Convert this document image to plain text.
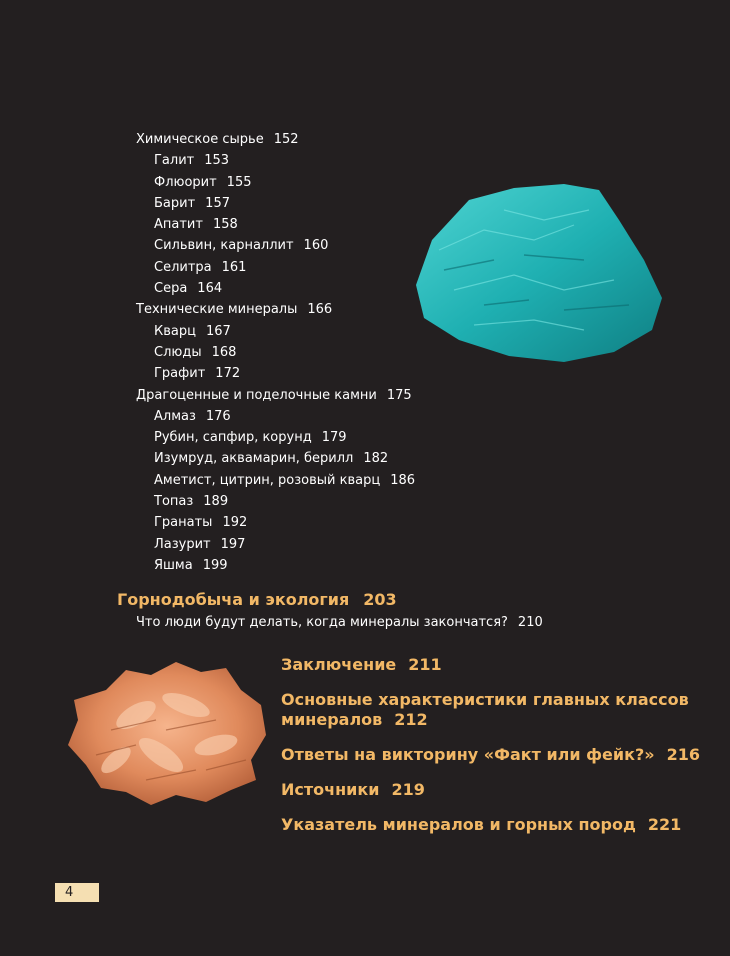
Химическое сырье 152
Галит 153
Флюорит 155
Барит 157
Апатит 158
Сильвин, карналлит 160
Селитра 161
Сера 164
Технические минералы 166
Кварц 167
Слюды 168
Графит 172
Драгоценные и поделочные камни 175
Алмаз 176
Рубин, сапфир, корунд 179
Изумруд, аквамарин, берилл 182
Аметист, цитрин, розовый кварц 186
Топаз 189
Гранаты 192
Лазурит 197
Яшма 199
Горнодобыча и экология 203
Что люди будут делать, когда минералы закончатся? 210
Заключение 211
Основные характеристики главных классов минералов 212
Ответы на викторину «Факт или фейк?» 216
Источники 219
Указатель минералов и горных пород 221
4
